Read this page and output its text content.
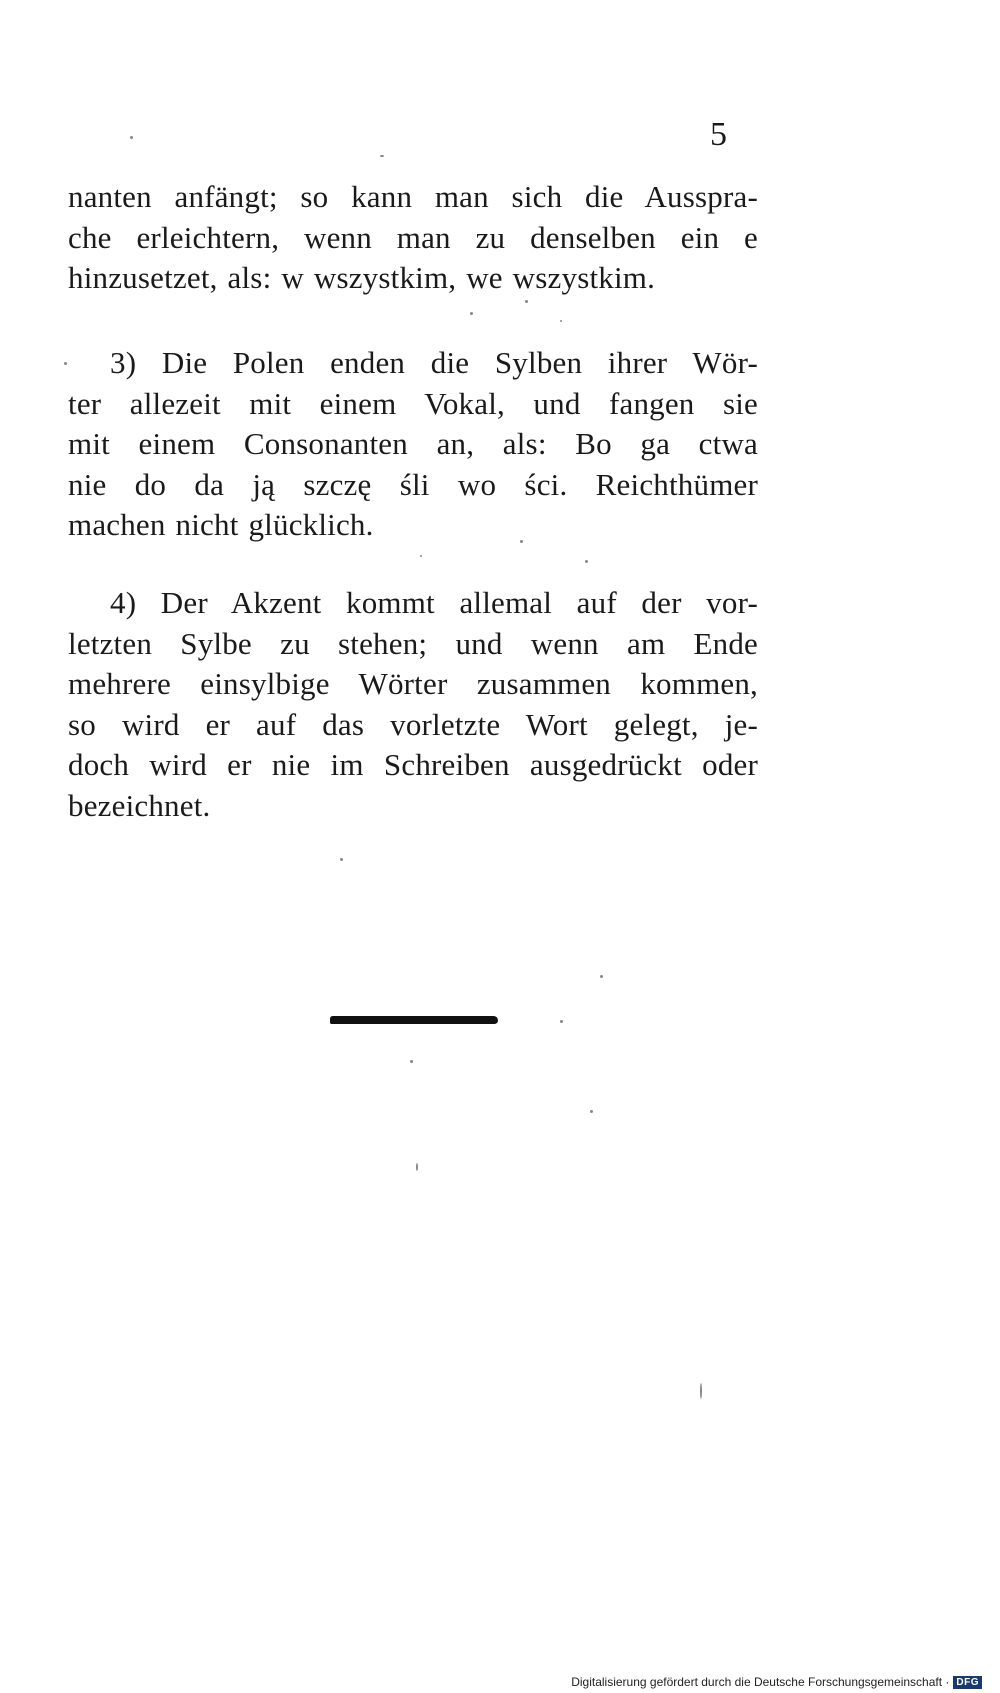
5

nanten anfängt; so kann man sich die Ausspra-
che erleichtern, wenn man zu denselben ein e
hinzusetzet, als: w wszystkim, we wszystkim.

3) Die Polen enden die Sylben ihrer Wör-
ter allezeit mit einem Vokal, und fangen sie
mit einem Consonanten an, als: Bo ga ctwa
nie do da ją szczę śli wo ści. Reichthümer
machen nicht glücklich.

4) Der Akzent kommt allemal auf der vor-
letzten Sylbe zu stehen; und wenn am Ende
mehrere einsylbige Wörter zusammen kommen,
so wird er auf das vorletzte Wort gelegt, je-
doch wird er nie im Schreiben ausgedrückt oder
bezeichnet.

Digitalisierung gefördert durch die Deutsche Forschungsgemeinschaft · DFG
